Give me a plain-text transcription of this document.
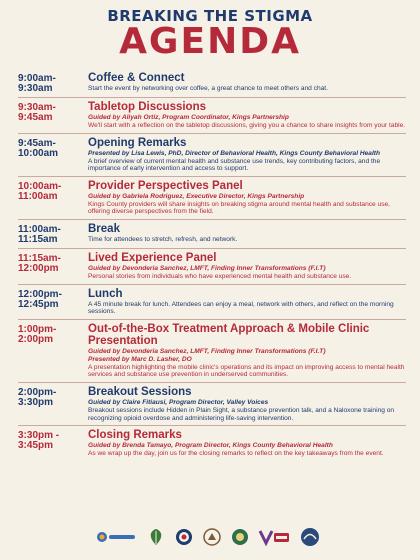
BREAKING THE STIGMA
AGENDA
9:00am-
9:30am
Coffee & Connect
Start the event by networking over coffee, a great chance to meet others and chat.
9:30am-
9:45am
Tabletop Discussions
Guided by Aliyah Ortiz, Program Coordinator, Kings Partnership
We'll start with a reflection on the tabletop discussions, giving you a chance to share insights from your table.
9:45am-
10:00am
Opening Remarks
Presented by Lisa Lewis, PhD, Director of Behavioral Health, Kings County Behavioral Health
A brief overview of current mental health and substance use trends, key contributing factors, and the importance of early intervention and access to support.
10:00am-
11:00am
Provider Perspectives Panel
Guided by Gabriela Rodriguez, Executive Director, Kings Partnership
Kings County providers will share insights on breaking stigma around mental health and substance use, offering diverse perspectives from the field.
11:00am-
11:15am
Break
Time for attendees to stretch, refresh, and network.
11:15am-
12:00pm
Lived Experience Panel
Guided by Devonderia Sanchez, LMFT, Finding Inner Transformations (F.I.T)
Personal stories from individuals who have experienced mental health and substance use.
12:00pm-
12:45pm
Lunch
A 45 minute break for lunch. Attendees can enjoy a meal, network with others, and reflect on the morning sessions.
1:00pm-
2:00pm
Out-of-the-Box Treatment Approach & Mobile Clinic Presentation
Guided by Devonderia Sanchez, LMFT, Finding Inner Transformations (F.I.T)
Presented by Marc D. Lasher, DO
A presentation highlighting the mobile clinic's operations and its impact on improving access to mental health services and substance use prevention in underserved communities.
2:00pm-
3:30pm
Breakout Sessions
Guided by Claire Fitiausi, Program Director, Valley Voices
Breakout sessions include Hidden in Plain Sight, a substance prevention talk, and a Naloxone training on recognizing opioid overdose and administering life-saving intervention.
3:30pm -
3:45pm
Closing Remarks
Guided by Brenda Tamayo, Program Director, Kings County Behavioral Health
As we wrap up the day, join us for the closing remarks to reflect on the key takeaways from the event.
